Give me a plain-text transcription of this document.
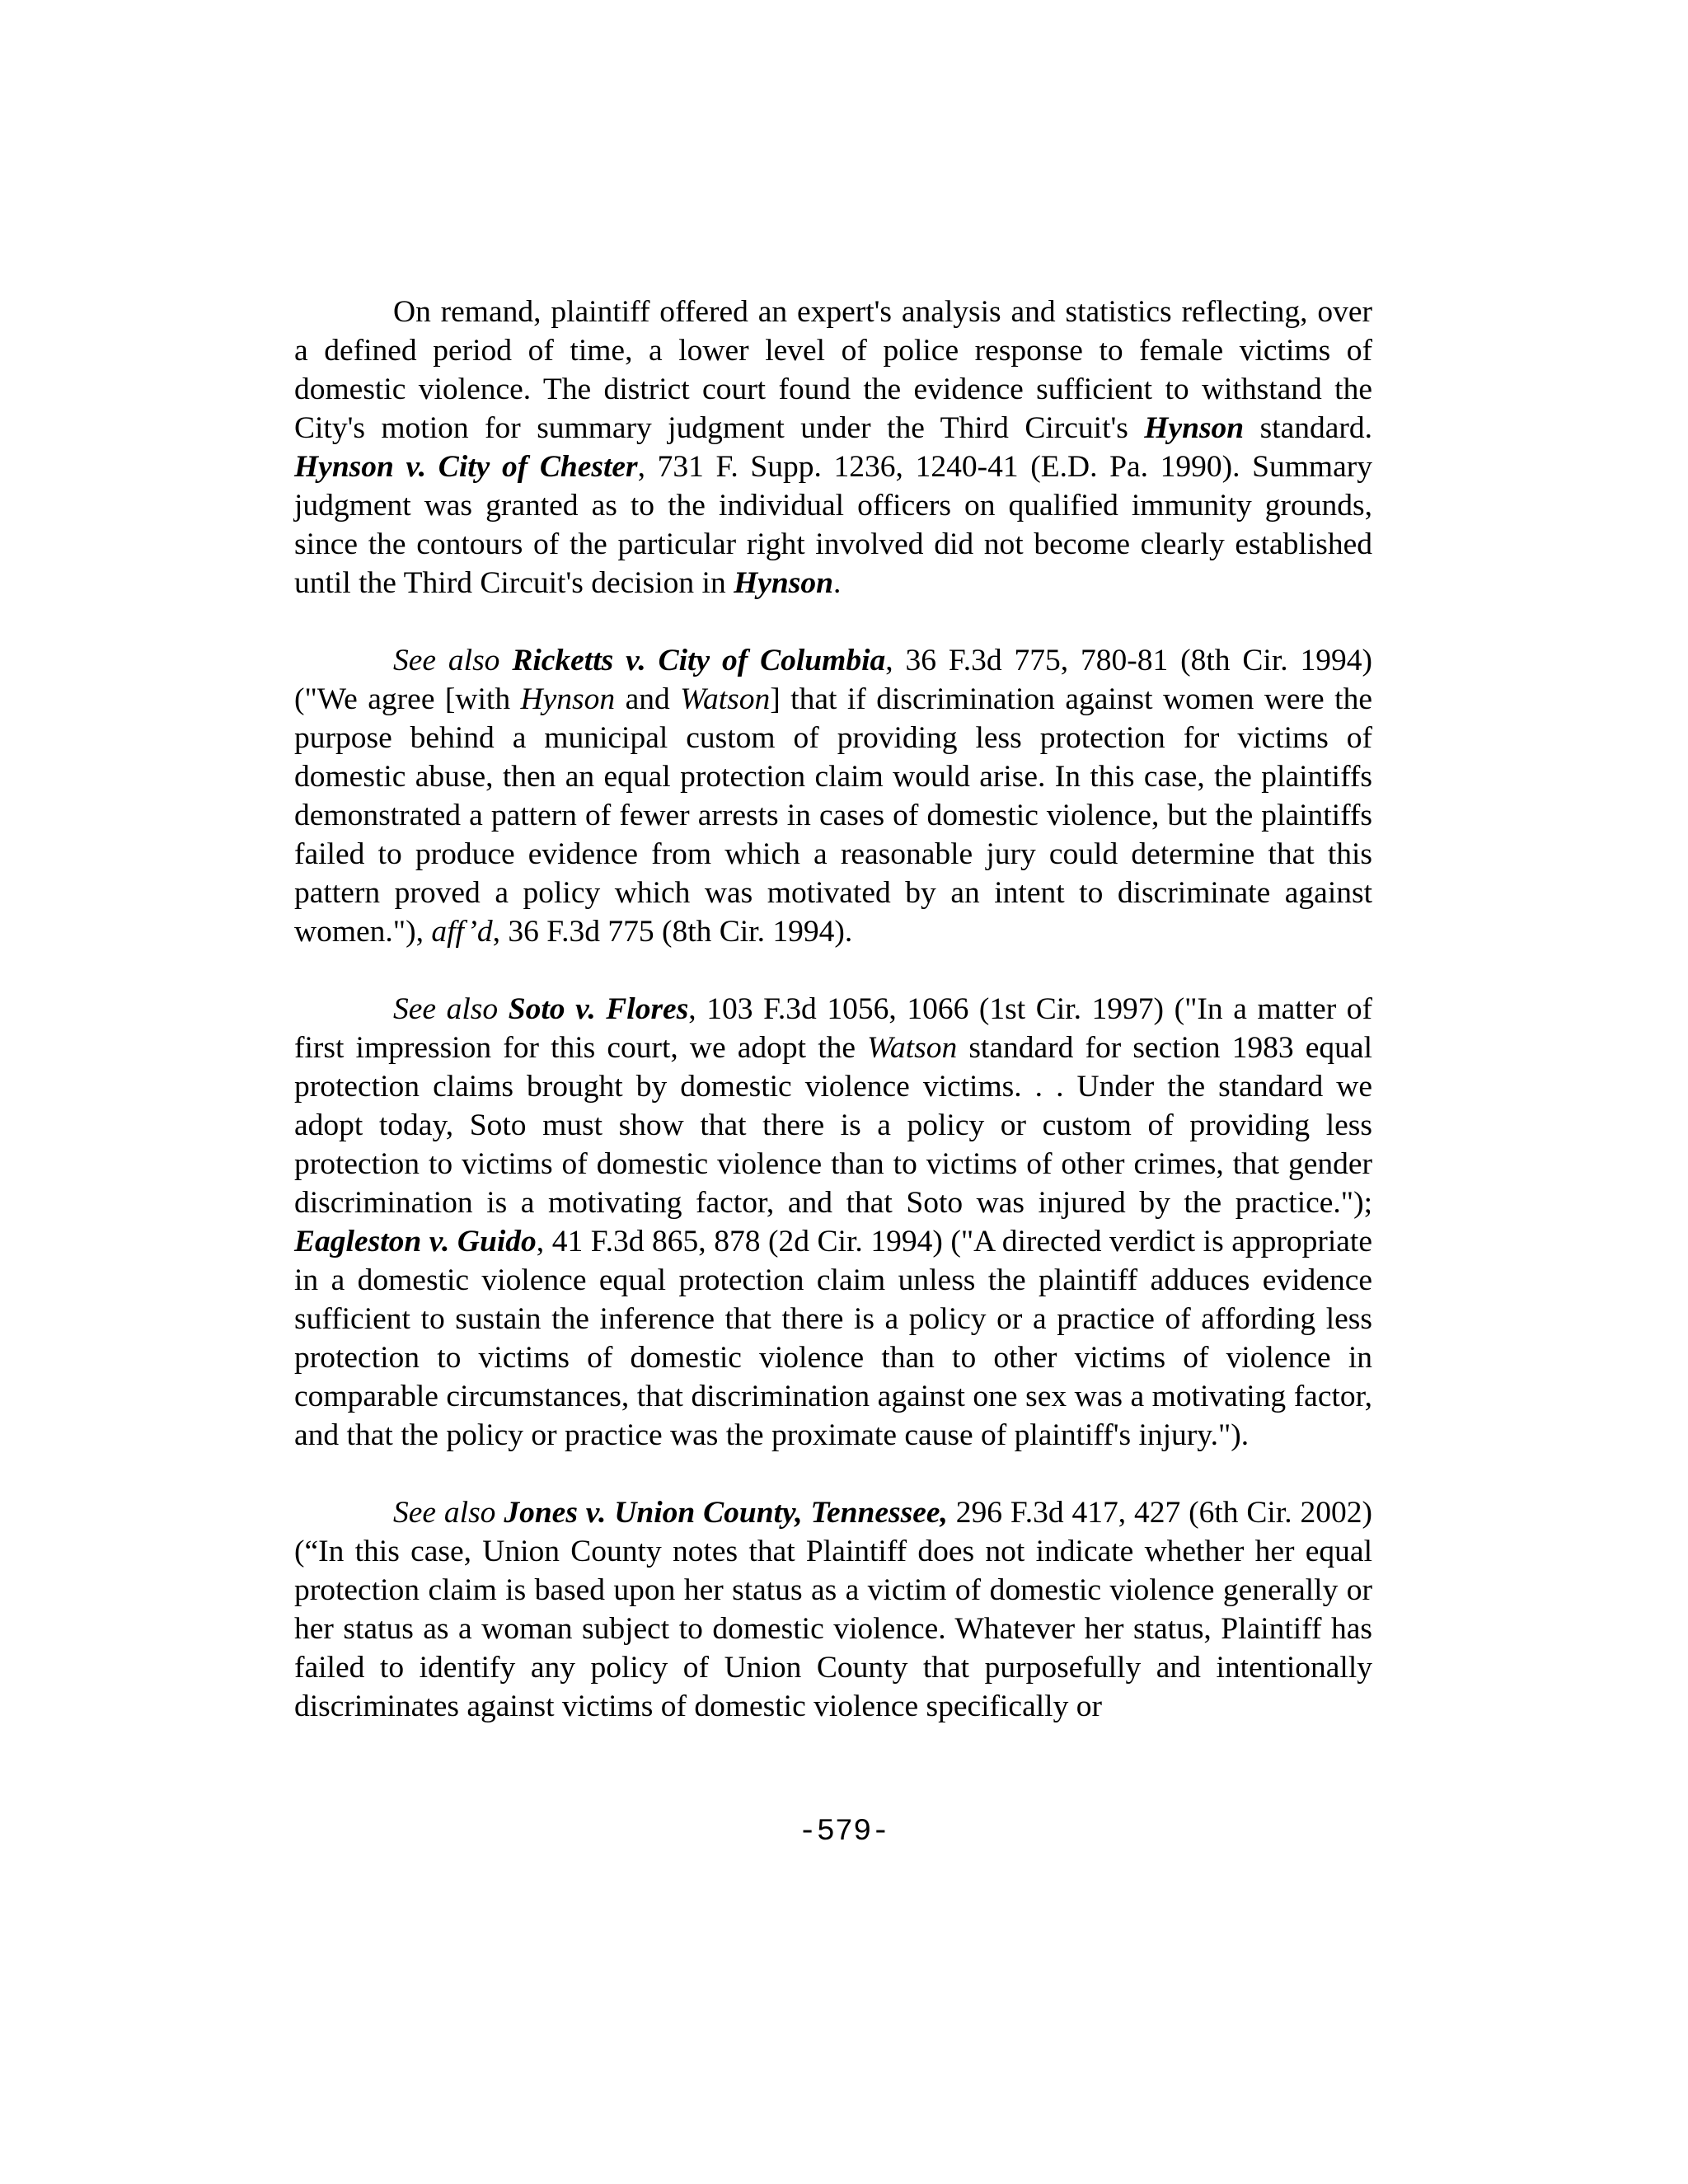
On remand, plaintiff offered an expert's analysis and statistics reflecting, over a defined period of time, a lower level of police response to female victims of domestic violence. The district court found the evidence sufficient to withstand the City's motion for summary judgment under the Third Circuit's Hynson standard. Hynson v. City of Chester, 731 F. Supp. 1236, 1240-41 (E.D. Pa. 1990). Summary judgment was granted as to the individual officers on qualified immunity grounds, since the contours of the particular right involved did not become clearly established until the Third Circuit's decision in Hynson.

See also Ricketts v. City of Columbia, 36 F.3d 775, 780-81 (8th Cir. 1994) ("We agree [with Hynson and Watson] that if discrimination against women were the purpose behind a municipal custom of providing less protection for victims of domestic abuse, then an equal protection claim would arise. In this case, the plaintiffs demonstrated a pattern of fewer arrests in cases of domestic violence, but the plaintiffs failed to produce evidence from which a reasonable jury could determine that this pattern proved a policy which was motivated by an intent to discriminate against women."), aff’d, 36 F.3d 775 (8th Cir. 1994).

See also Soto v. Flores, 103 F.3d 1056, 1066 (1st Cir. 1997) ("In a matter of first impression for this court, we adopt the Watson standard for section 1983 equal protection claims brought by domestic violence victims. . . Under the standard we adopt today, Soto must show that there is a policy or custom of providing less protection to victims of domestic violence than to victims of other crimes, that gender discrimination is a motivating factor, and that Soto was injured by the practice."); Eagleston v. Guido, 41 F.3d 865, 878 (2d Cir. 1994) ("A directed verdict is appropriate in a domestic violence equal protection claim unless the plaintiff adduces evidence sufficient to sustain the inference that there is a policy or a practice of affording less protection to victims of domestic violence than to other victims of violence in comparable circumstances, that discrimination against one sex was a motivating factor, and that the policy or practice was the proximate cause of plaintiff's injury.").

See also Jones v. Union County, Tennessee, 296 F.3d 417, 427 (6th Cir. 2002) (“In this case, Union County notes that Plaintiff does not indicate whether her equal protection claim is based upon her status as a victim of domestic violence generally or her status as a woman subject to domestic violence. Whatever her status, Plaintiff has failed to identify any policy of Union County that purposefully and intentionally discriminates against victims of domestic violence specifically or

-579-
